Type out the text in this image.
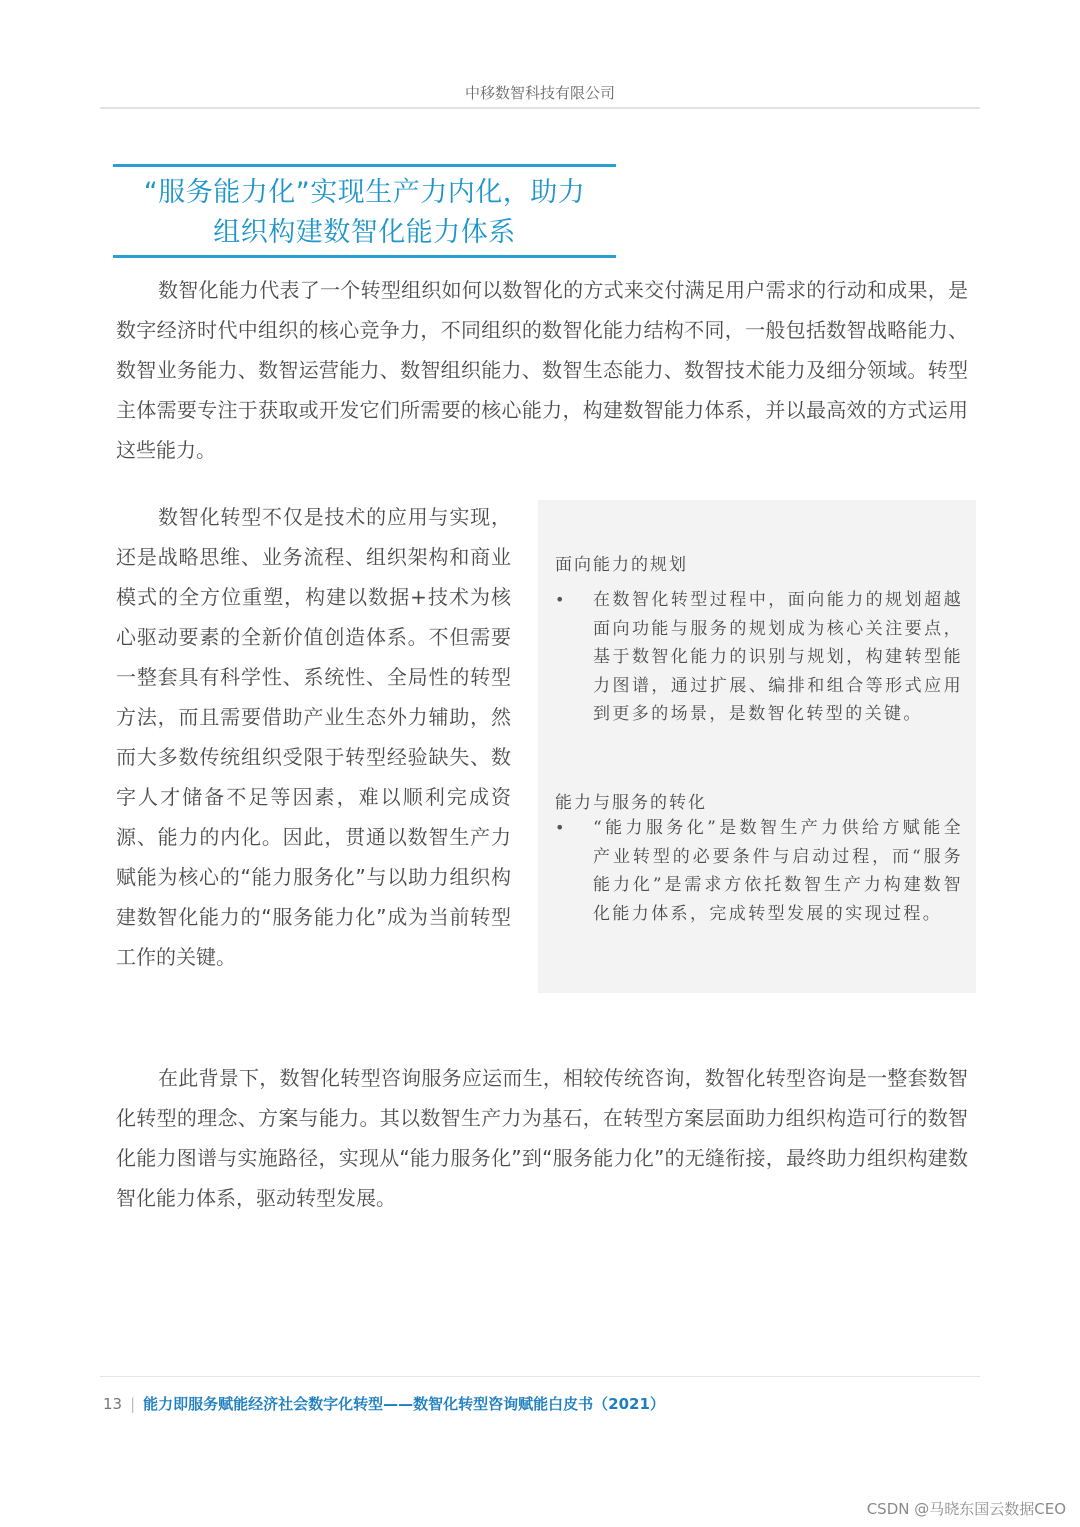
中移数智科技有限公司
“服务能力化”实现生产力内化，助力
组织构建数智化能力体系

数智化能力代表了一个转型组织如何以数智化的方式来交付满足用户需求的行动和成果，是数字经济时代中组织的核心竞争力，不同组织的数智化能力结构不同，一般包括数智战略能力、数智业务能力、数智运营能力、数智组织能力、数智生态能力、数智技术能力及细分领域。转型主体需要专注于获取或开发它们所需要的核心能力，构建数智能力体系，并以最高效的方式运用这些能力。

数智化转型不仅是技术的应用与实现，还是战略思维、业务流程、组织架构和商业模式的全方位重塑，构建以数据+技术为核心驱动要素的全新价值创造体系。不但需要一整套具有科学性、系统性、全局性的转型方法，而且需要借助产业生态外力辅助，然而大多数传统组织受限于转型经验缺失、数字人才储备不足等因素，难以顺利完成资源、能力的内化。因此，贯通以数智生产力赋能为核心的“能力服务化”与以助力组织构建数智化能力的“服务能力化”成为当前转型工作的关键。

面向能力的规划
• 在数智化转型过程中，面向能力的规划超越面向功能与服务的规划成为核心关注要点，基于数智化能力的识别与规划，构建转型能力图谱，通过扩展、编排和组合等形式应用到更多的场景，是数智化转型的关键。
能力与服务的转化
• “能力服务化”是数智生产力供给方赋能全产业转型的必要条件与启动过程，而“服务能力化”是需求方依托数智生产力构建数智化能力体系，完成转型发展的实现过程。

在此背景下，数智化转型咨询服务应运而生，相较传统咨询，数智化转型咨询是一整套数智化转型的理念、方案与能力。其以数智生产力为基石，在转型方案层面助力组织构造可行的数智化能力图谱与实施路径，实现从“能力服务化”到“服务能力化”的无缝衔接，最终助力组织构建数智化能力体系，驱动转型发展。

13 | 能力即服务赋能经济社会数字化转型——数智化转型咨询赋能白皮书（2021）
CSDN @马晓东国云数据CEO
